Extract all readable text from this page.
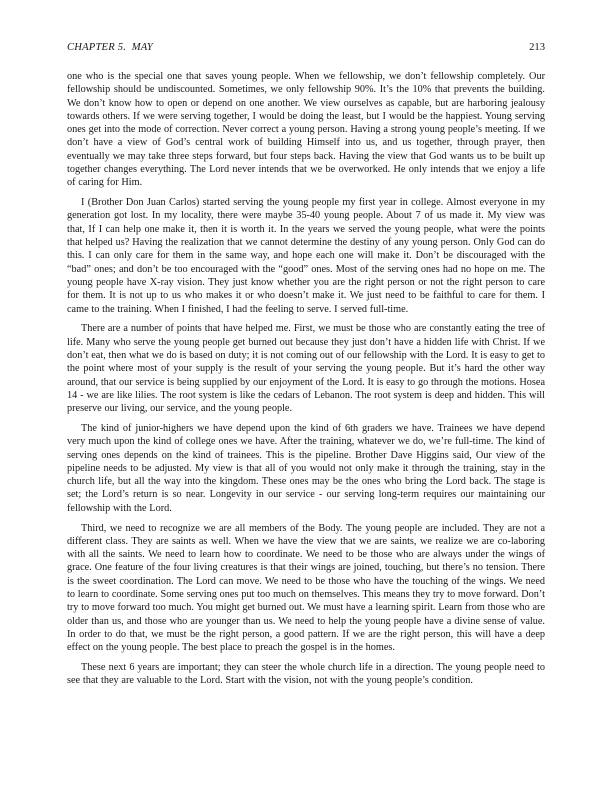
CHAPTER 5.  MAY	213

one who is the special one that saves young people. When we fellowship, we don’t fellowship completely. Our fellowship should be undiscounted. Sometimes, we only fellowship 90%. It’s the 10% that prevents the building. We don’t know how to open or depend on one another. We view ourselves as capable, but are harboring jealousy towards others. If we were serving together, I would be doing the least, but I would be the happiest. Young serving ones get into the mode of correction. Never correct a young person. Having a strong young people’s meeting. If we don’t have a view of God’s central work of building Himself into us, and us together, through prayer, then eventually we may take three steps forward, but four steps back. Having the view that God wants us to be built up together changes everything. The Lord never intends that we be overworked. He only intends that we enjoy a life of caring for Him.

I (Brother Don Juan Carlos) started serving the young people my first year in college. Almost everyone in my generation got lost. In my locality, there were maybe 35-40 young people. About 7 of us made it. My view was that, If I can help one make it, then it is worth it. In the years we served the young people, what were the points that helped us? Having the realization that we cannot determine the destiny of any young person. Only God can do this. I can only care for them in the same way, and hope each one will make it. Don’t be discouraged with the “bad” ones; and don’t be too encouraged with the “good” ones. Most of the serving ones had no hope on me. The young people have X-ray vision. They just know whether you are the right person or not the right person to care for them. It is not up to us who makes it or who doesn’t make it. We just need to be faithful to care for them. I came to the training. When I finished, I had the feeling to serve. I served full-time.

There are a number of points that have helped me. First, we must be those who are constantly eating the tree of life. Many who serve the young people get burned out because they just don’t have a hidden life with Christ. If we don’t eat, then what we do is based on duty; it is not coming out of our fellowship with the Lord. It is easy to get to the point where most of your supply is the result of your serving the young people. But it’s hard the other way around, that our service is being supplied by our enjoyment of the Lord. It is easy to go through the motions. Hosea 14 - we are like lilies. The root system is like the cedars of Lebanon. The root system is deep and hidden. This will preserve our living, our service, and the young people.

The kind of junior-highers we have depend upon the kind of 6th graders we have. Trainees we have depend very much upon the kind of college ones we have. After the training, whatever we do, we’re full-time. The kind of serving ones depends on the kind of trainees. This is the pipeline. Brother Dave Higgins said, Our view of the pipeline needs to be adjusted. My view is that all of you would not only make it through the training, stay in the church life, but all the way into the kingdom. These ones may be the ones who bring the Lord back. The stage is set; the Lord’s return is so near. Longevity in our service - our serving long-term requires our maintaining our fellowship with the Lord.

Third, we need to recognize we are all members of the Body. The young people are included. They are not a different class. They are saints as well. When we have the view that we are saints, we realize we are co-laboring with all the saints. We need to learn how to coordinate. We need to be those who are always under the wings of grace. One feature of the four living creatures is that their wings are joined, touching, but there’s no tension. There is the sweet coordination. The Lord can move. We need to be those who have the touching of the wings. We need to learn to coordinate. Some serving ones put too much on themselves. This means they try to move forward. Don’t try to move forward too much. You might get burned out. We must have a learning spirit. Learn from those who are older than us, and those who are younger than us. We need to help the young people have a divine sense of value. In order to do that, we must be the right person, a good pattern. If we are the right person, this will have a deep effect on the young people. The best place to preach the gospel is in the homes.

These next 6 years are important; they can steer the whole church life in a direction. The young people need to see that they are valuable to the Lord. Start with the vision, not with the young people’s condition.
